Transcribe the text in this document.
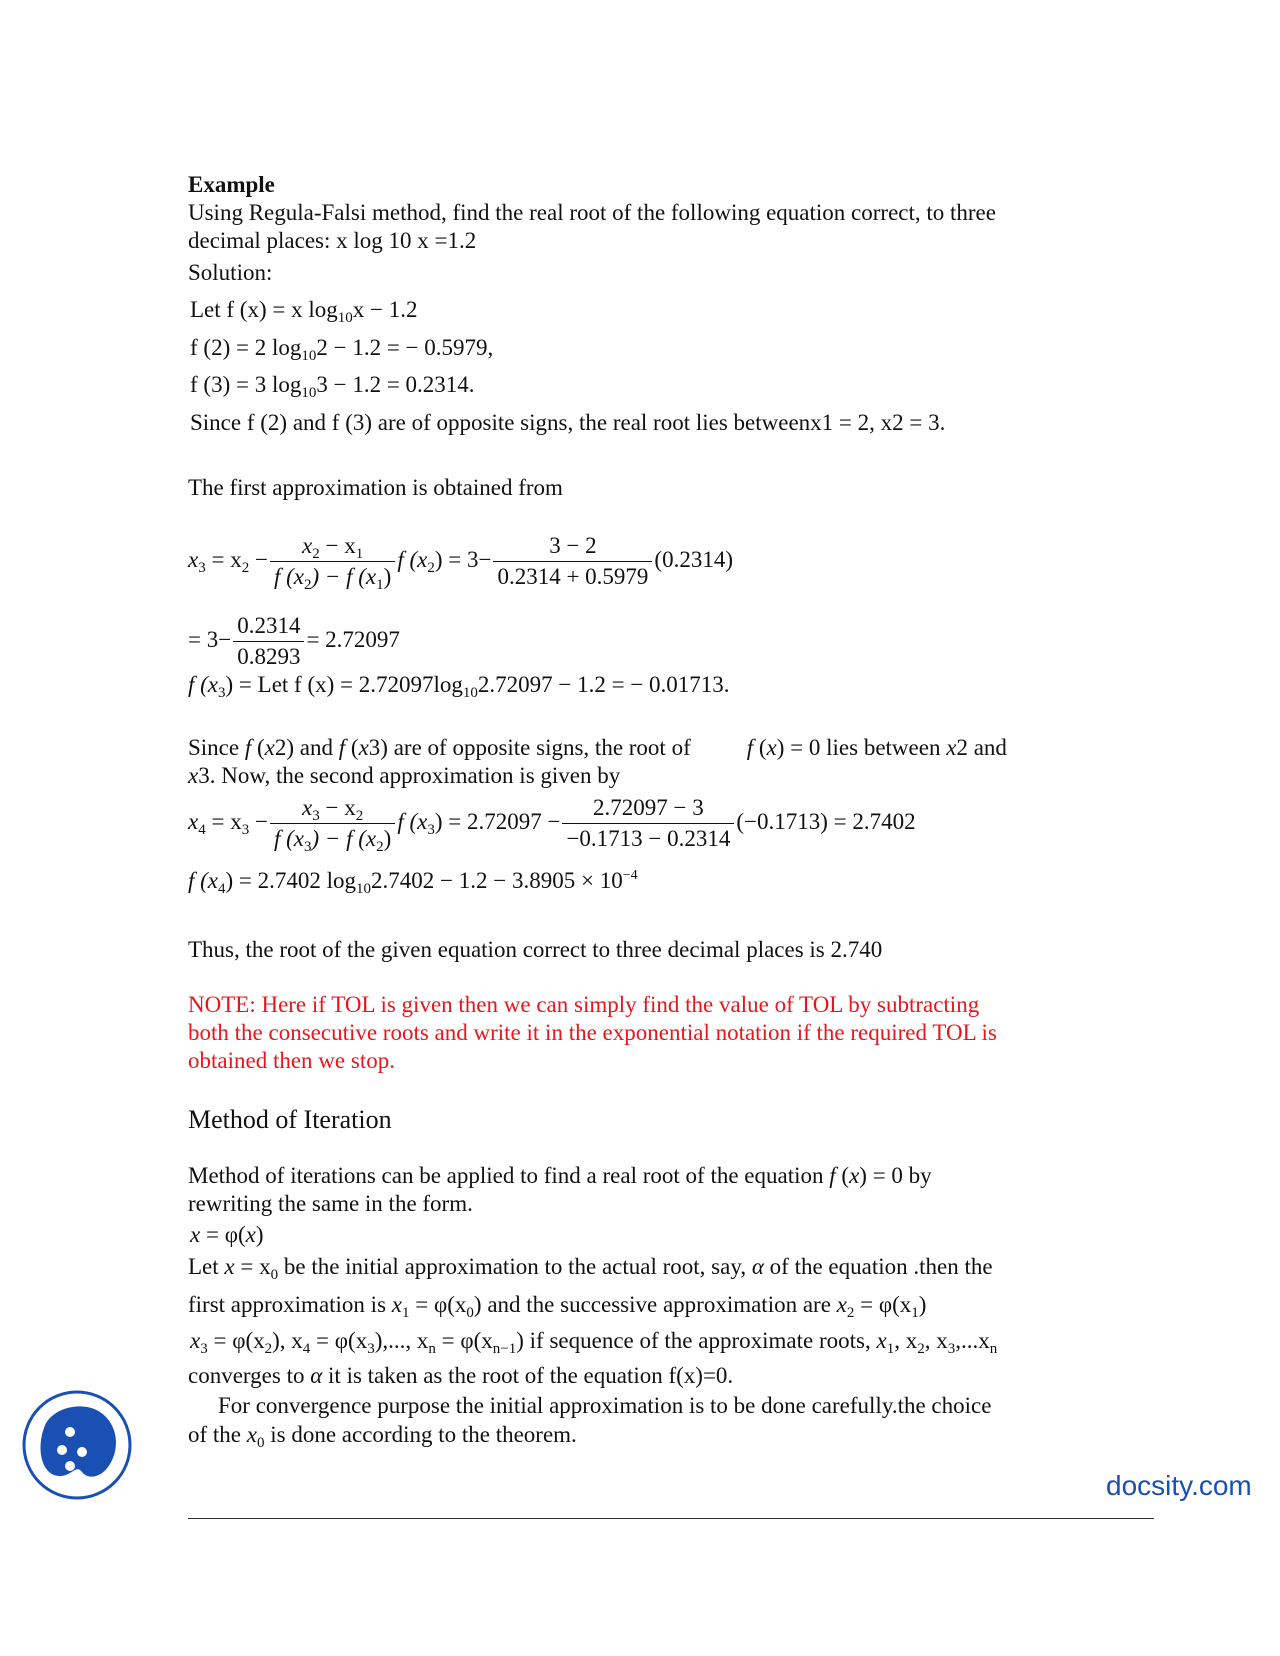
Example
Using Regula-Falsi method, find the real root of the following equation correct, to three
decimal places: x log 10 x =1.2
Solution:
Let f (x) = x $\log_{10}x - 1.2$
f (2) = 2 $\log_{10}2 - 1.2$ = − 0.5979,
f (3) = 3 $\log_{10}3 - 1.2 = 0.2314$.
Since f (2) and f (3) are of opposite signs, the real root lies betweenx1 = 2, x2 = 3.
The first approximation is obtained from
$x_3 = x_2 - \frac{x_2 - x_1}{f (x_2) - f (x_1)}$ f $(x_2) = 3- \frac{3 - 2}{0.2314 + 0.5979} (0.2314)$
= $3- \frac{0.2314}{0.8293} = 2.72097$
f $(x_3)$ = Let f $(x) = 2.72097\log_{10}2.72097 - 1.2$ = − 0.01713.
Since f (x2) and f (x3) are of opposite signs, the root of f (x) = 0 lies between x2 and
x3. Now, the second approximation is given by
$x_4 = x_3 - \frac{x_3 - x_2}{f (x_3) - f (x_2)}$ f $(x_3) = 2.72097 - \frac{2.72097 - 3}{-0.1713 - 0.2314} (-0.1713) = 2.7402$
f $(x_4) = 2.7402$ $\log_{10}2.7402 - 1.2 - 3.8905 \times 10^{-4}$
Thus, the root of the given equation correct to three decimal places is 2.740
NOTE: Here if TOL is given then we can simply find the value of TOL by subtracting
both the consecutive roots and write it in the exponential notation if the required TOL is
obtained then we stop.
Method of Iteration
Method of iterations can be applied to find a real root of the equation f (x) = 0 by
rewriting the same in the form.
x = φ(x)
Let $x = x_0$ be the initial approximation to the actual root, say, α of the equation .then the
first approximation is $x_1 = \varphi(x_0)$ and the successive approximation are $x_2 = \varphi(x_1)$
$x_3 = \varphi(x_2)$, $x_4 = \varphi(x_3)$,..., $x_n = \varphi(x_{n-1})$ if sequence of the approximate roots, $x_1$, $x_2$, $x_3,...x_n$
converges to α it is taken as the root of the equation f(x)=0.
For convergence purpose the initial approximation is to be done carefully.the choice
of the $x_0$ is done according to the theorem.
docsity.com
